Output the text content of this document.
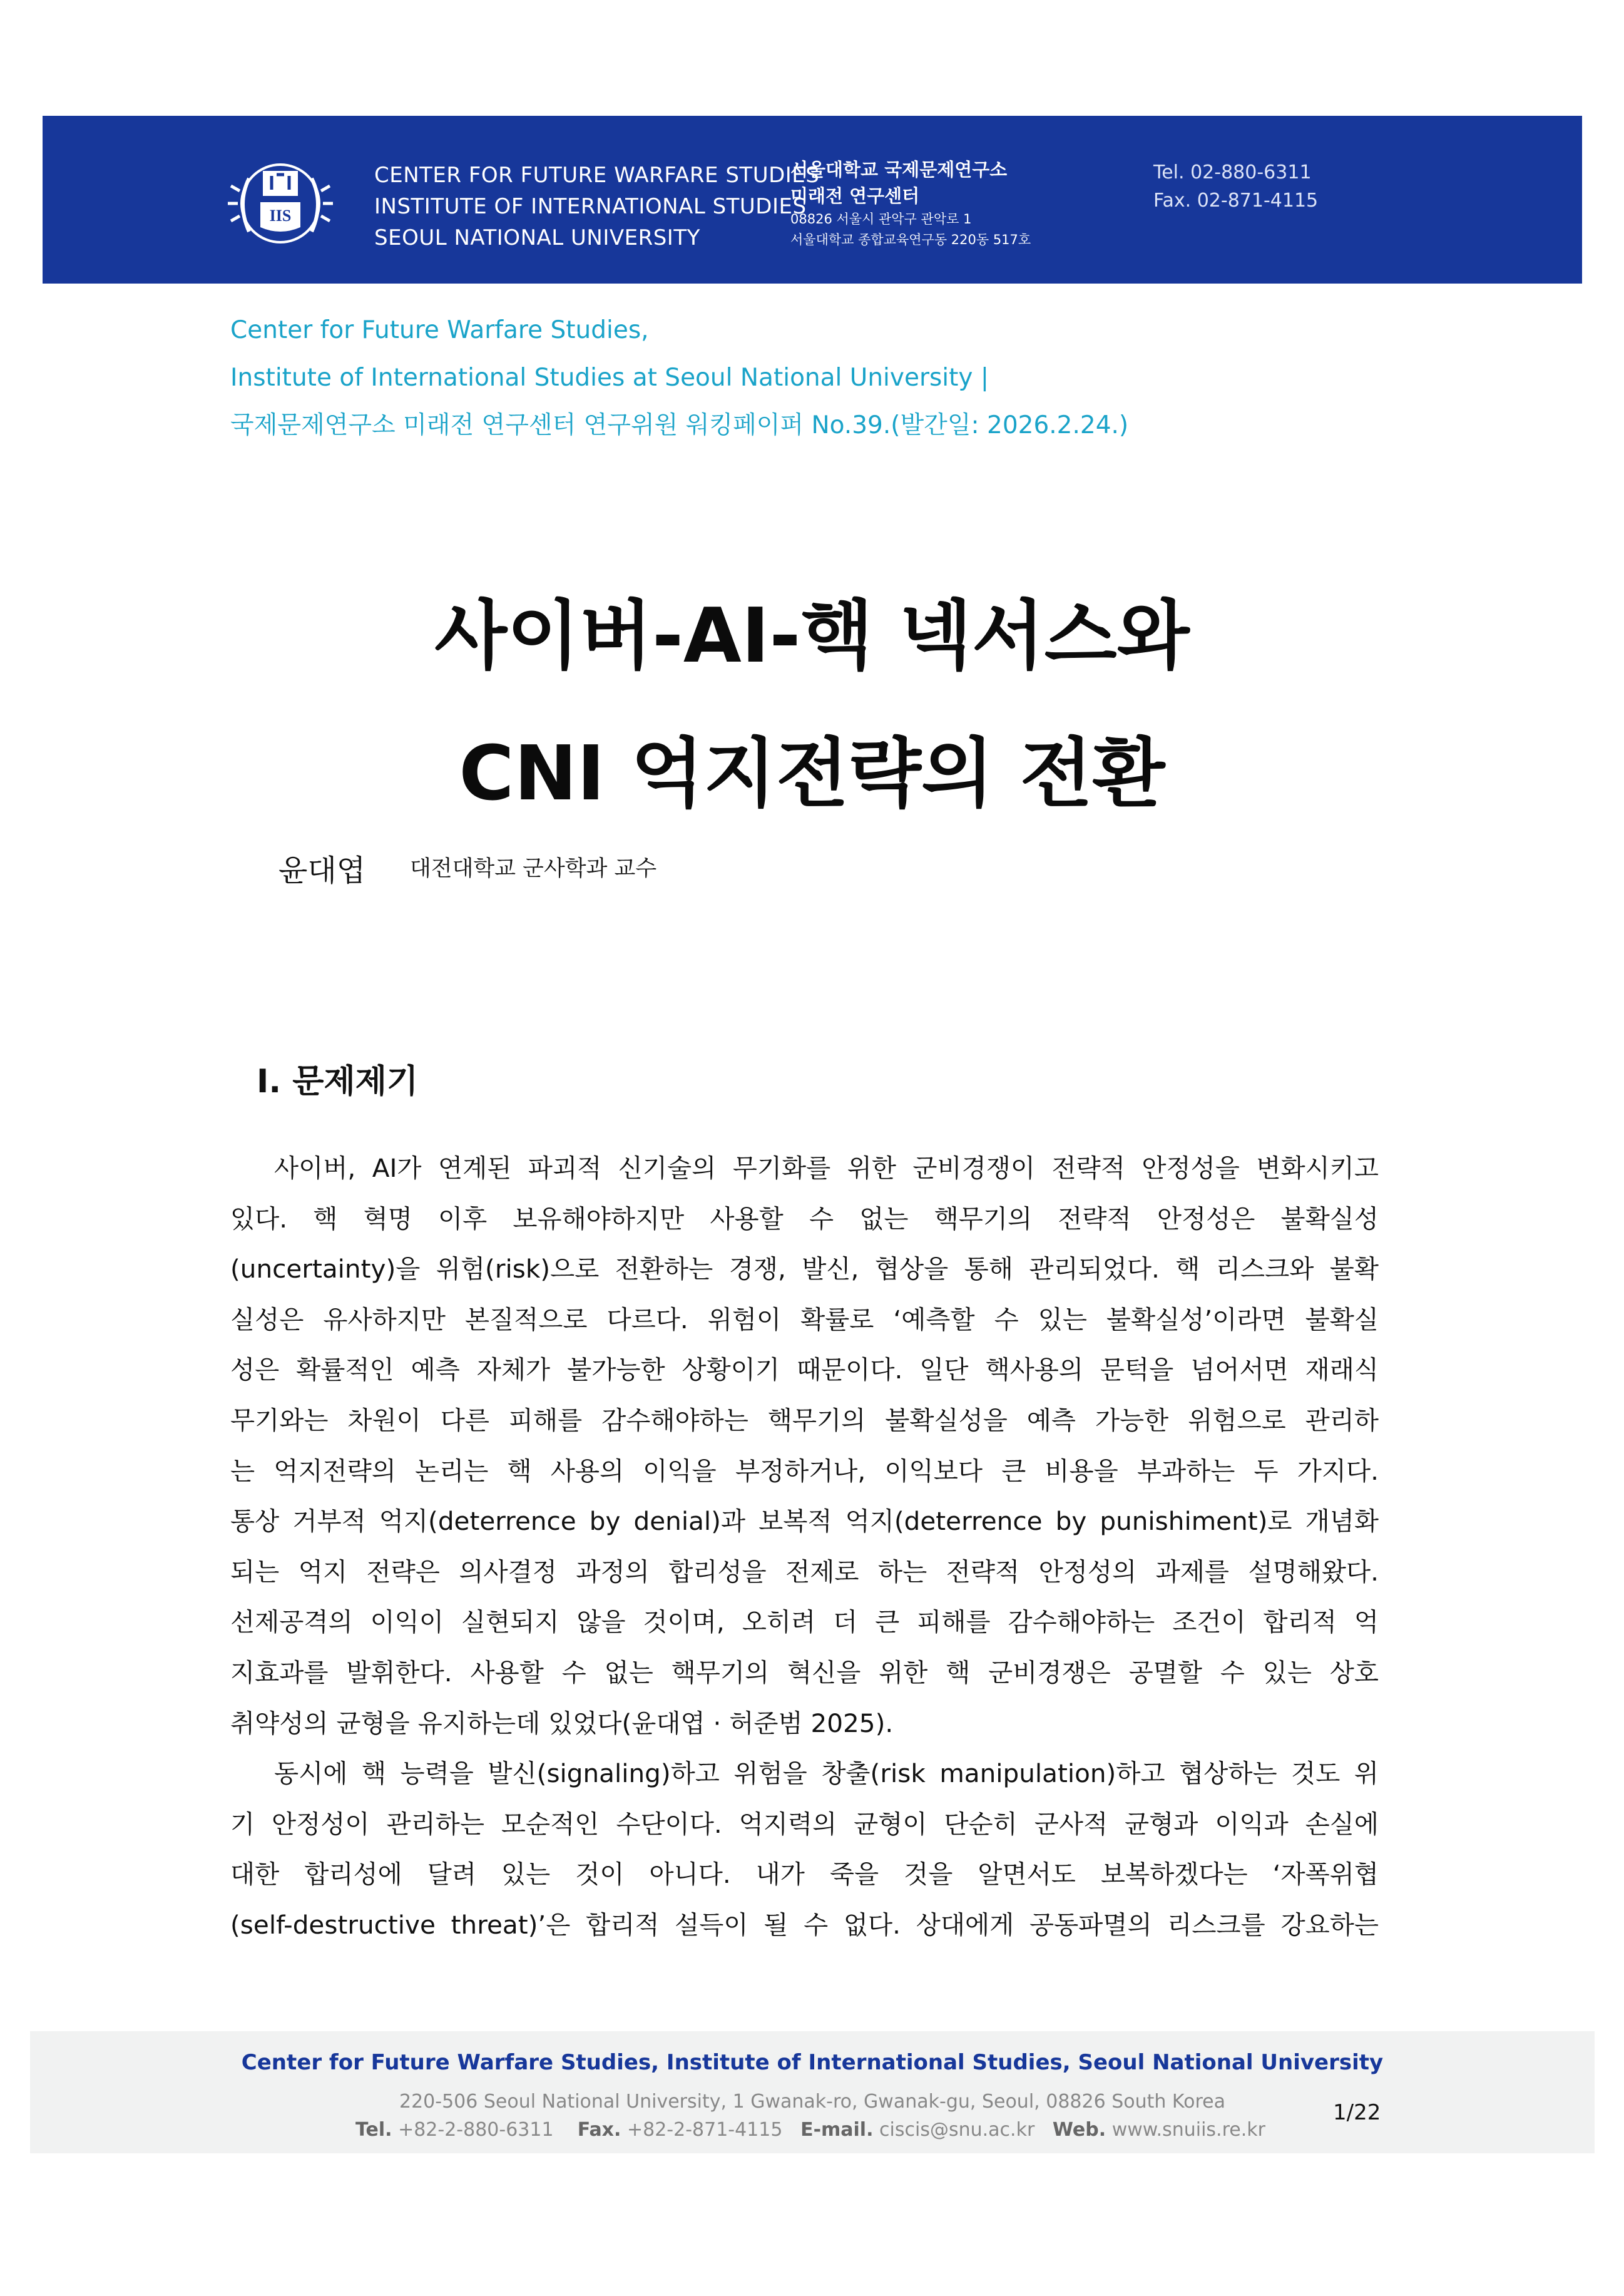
IIS
CENTER FOR FUTURE WARFARE STUDIES
INSTITUTE OF INTERNATIONAL STUDIES
SEOUL NATIONAL UNIVERSITY
서울대학교 국제문제연구소
미래전 연구센터
08826 서울시 관악구 관악로 1
서울대학교 종합교육연구동 220동 517호
Tel. 02-880-6311
Fax. 02-871-4115
Center for Future Warfare Studies,
Institute of International Studies at Seoul National University |
국제문제연구소 미래전 연구센터 연구위원 워킹페이퍼 No.39.(발간일: 2026.2.24.)
사이버-AI-핵 넥서스와
CNI 억지전략의 전환
윤대엽 대전대학교 군사학과 교수
I. 문제제기
사이버, AI가 연계된 파괴적 신기술의 무기화를 위한 군비경쟁이 전략적 안정성을 변화시키고
있다. 핵 혁명 이후 보유해야하지만 사용할 수 없는 핵무기의 전략적 안정성은 불확실성
(uncertainty)을 위험(risk)으로 전환하는 경쟁, 발신, 협상을 통해 관리되었다. 핵 리스크와 불확
실성은 유사하지만 본질적으로 다르다. 위험이 확률로 ‘예측할 수 있는 불확실성’이라면 불확실
성은 확률적인 예측 자체가 불가능한 상황이기 때문이다. 일단 핵사용의 문턱을 넘어서면 재래식
무기와는 차원이 다른 피해를 감수해야하는 핵무기의 불확실성을 예측 가능한 위험으로 관리하
는 억지전략의 논리는 핵 사용의 이익을 부정하거나, 이익보다 큰 비용을 부과하는 두 가지다.
통상 거부적 억지(deterrence by denial)과 보복적 억지(deterrence by punishiment)로 개념화
되는 억지 전략은 의사결정 과정의 합리성을 전제로 하는 전략적 안정성의 과제를 설명해왔다.
선제공격의 이익이 실현되지 않을 것이며, 오히려 더 큰 피해를 감수해야하는 조건이 합리적 억
지효과를 발휘한다. 사용할 수 없는 핵무기의 혁신을 위한 핵 군비경쟁은 공멸할 수 있는 상호
취약성의 균형을 유지하는데 있었다(윤대엽 · 허준범 2025).
동시에 핵 능력을 발신(signaling)하고 위험을 창출(risk manipulation)하고 협상하는 것도 위
기 안정성이 관리하는 모순적인 수단이다. 억지력의 균형이 단순히 군사적 균형과 이익과 손실에
대한 합리성에 달려 있는 것이 아니다. 내가 죽을 것을 알면서도 보복하겠다는 ‘자폭위협
(self-destructive threat)’은 합리적 설득이 될 수 없다. 상대에게 공동파멸의 리스크를 강요하는
Center for Future Warfare Studies, Institute of International Studies, Seoul National University
220-506 Seoul National University, 1 Gwanak-ro, Gwanak-gu, Seoul, 08826 South Korea
Tel. +82-2-880-6311 Fax. +82-2-871-4115 E-mail. ciscis@snu.ac.kr Web. www.snuiis.re.kr
1/22
